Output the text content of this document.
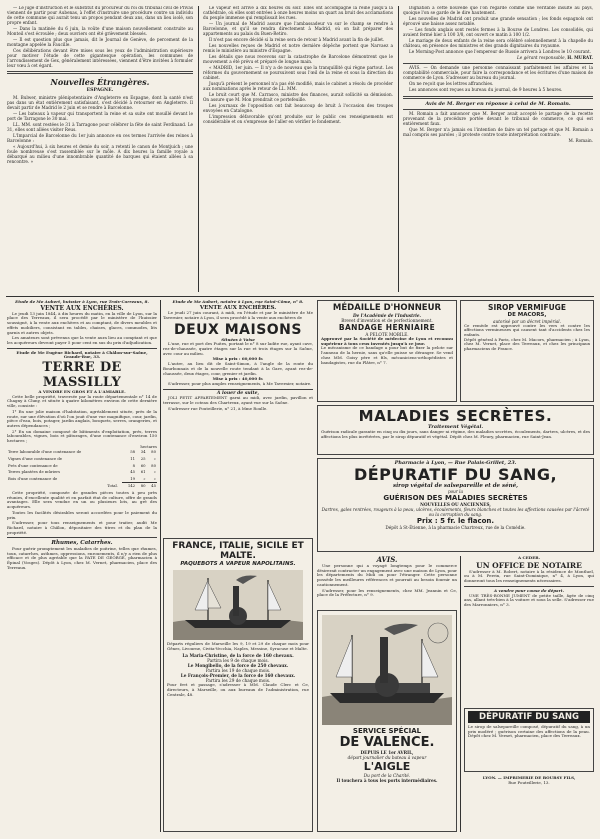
— Le juge d'instruction et le substitut du procureur du roi du tribunal civil de Privas viennent de partir pour Aubenas, à l'effet d'instruire une procédure contre un individu de cette commune qui aurait tenu un propos pendant deux ans, dans un lieu isolé, son propre enfant.

— Dans la matinée du 6 juin, la voûte d'une maison nouvellement construite au Monteil s'est écroulée ; deux ouvriers ont été grièvement blessés.

— Il est question plus que jamais, dit le Journal de Genève, de percement de la montagne appelée la Faucille.

Ces délibérations devant être mises sous les yeux de l'administration supérieure pour motiver l'étude de cette gigantesque opération, les communes de l'arrondissement de Gex, généralement intéressées, viennent d'être invitées à formuler leur vœu à cet égard.

Nouvelles Étrangères.
ESPAGNE.

M. Bulwer, ministre plénipotentiaire d'Angleterre en Espagne, dont la santé n'est pas dans un état entièrement satisfaisant, s'est décidé à retourner en Angleterre. Il devait partir de Madrid le 2 juin et se rendre à Barcelonne.

— Les bateaux à vapeur qui transportent la reine et sa suite ont mouillé devant le port de Tarragone le 30 mai.

LL. MM. sont restées le 31 à Tarragone pour célébrer la fête de saint Ferdinand. Le 31, elles sont allées visiter Reus.

L'Imparcial de Barcelonne du 1er juin annonce en ces termes l'arrivée des reines à Barcelonne :

« Aujourd'hui, à six heures et demie du soir, a retenti le canon de Montjuich ; une foule nombreuse s'est rassemblée sur le môle. A dix heures la famille royale a débarqué au milieu d'une innombrable quantité de barques qui étaient allées à sa rencontre. »

Le vapeur est arrivé à dix heures du soir. Elles ont accompagné la reine jusqu'à la cathédrale, où elles sont entrées à onze heures moins un quart au bruit des acclamations du peuple immense qui remplissait les rues.

— Un journal de Madrid assure que l'ambassadeur va sur le champ se rendre à Barcelonne, et qu'il se rendra directement à Madrid, où on fait préparer des appartements au palais du Buen-Retiro.

Il n'est pas encore décidé si la reine sera de retour à Madrid avant la fin de juillet.

Les nouvelles reçues de Madrid et notre dernière dépêche portent que Narvaez a remis le ministère au ministre d'Espagne.

Les détails que nous recevons sur la catastrophe de Barcelone démontrent que le mouvement a été prévu et préparé de longue main.

« MADRID, 1er juin. — Il n'y a de nouveau que la tranquillité qui règne partout. Les réformes du gouvernement se poursuivent sous l'œil de la reine et sous la direction du cabinet.

Jusqu'à présent le personnel n'a pas été modifié, mais le cabinet a résolu de procéder aux nominations après le retour de LL. MM.

Le bruit court que M. Carrasco, ministre des finances, aurait sollicité sa démission. On assure que M. Mon prendrait ce portefeuille.

Les journaux de l'opposition ont fait beaucoup de bruit à l'occasion des troupes envoyées en Catalogne.

L'impression défavorable qu'ont produite sur le public ces renseignements est considérable et on s'empresse de l'aller en vérifier le fondement.

Dignation à cette nouvelle que l'on regarde comme une véritable insulte au pays, quoique l'on se garde de le dire hautement.

Les nouvelles de Madrid ont produit une grande sensation ; les fonds espagnols ont éprouvé une baisse assez notable.

— Les fonds anglais sont restés fermes à la Bourse de Londres. Les consolidés, qui avaient fermé hier à 100 3/8, ont ouvert ce matin à 100 1/2.

Le mariage de deux enfants de la reine sera célébré solennellement à la chapelle du château, en présence des ministres et des grands dignitaires du royaume.

Le Morning-Post annonce que l'empereur de Russie arrivera à Londres le 10 courant.

Le gérant responsable, H. MURAT.

AVIS. — On demande une personne connaissant parfaitement les affaires et la comptabilité commerciale, pour faire la correspondance et les écritures d'une maison de commerce de Lyon. S'adresser au bureau du journal.

On ne reçoit que les lettres affranchies.

Les annonces sont reçues au bureau du journal, de 9 heures à 5 heures.

Avis de M. Berger en réponse à celui de M. Romain.

M. Romain a fait annoncer que M. Berger avait accepté le partage de la recette provenant de la procédure portée devant le tribunal de commerce, ce qui est entièrement faux.

Que M. Berger n'a jamais eu l'intention de faire un tel partage et que M. Romain a mal compris ses paroles ; il proteste contre toute interprétation contraire.

M. Romain.
Etude de Me Aubert, huissier à Lyon, rue Trois-Carreaux, 8.
VENTE AUX ENCHÈRES.

Le jeudi 13 juin 1844, à dix heures du matin, en la ville de Lyon, sur la place des Terreaux, il sera procédé par le ministère de l'huissier soussigné, à la vente aux enchères et au comptant, de divers meubles et effets mobiliers, consistant en tables, chaises, glaces, commodes, lits garnis et autres objets.

Les amateurs sont prévenus que la vente aura lieu au comptant et que les acquéreurs devront payer 5 pour cent en sus du prix d'adjudication.

Etude de Me Eugène Richard, notaire à Châlon-sur-Saône, Grande-Rue, 33.
TERRE DE MASSILLY
A VENDRE EN GROS ET A L'AMIABLE.

Cette belle propriété, traversée par la route départementale n° 14 de Chagny à Cluny, et située à quatre kilomètres environ de cette dernière ville, consiste :

1° En une jolie maison d'habitation, agréablement située, près de la route, sur une élévation d'où l'on jouit d'une vue magnifique, cour, jardin, pièce d'eau, bois, potager, jardin anglais, bosquets, serres, orangeries, et autres dépendances ;

2° En un domaine composé de bâtiments d'exploitation, prés, terres labourables, vignes, bois et pâturages, d'une contenance d'environ 150 hectares ;

hectares
Terre labourable d'une contenance de	58	34	80
Vignes d'une contenance de	11	25	»
Prés d'une contenance de	8	60	80
Terres plantées de mûriers	45	61	»
Bois d'une contenance de	19	»	»
Total.	142	80	45

Cette propriété, composée de grandes pièces toutes à peu près réunies, d'excellente qualité et en parfait état de culture, offre de grands avantages. Elle sera vendue en un ou plusieurs lots, au gré des acquéreurs.

Toutes les facilités désirables seront accordées pour le paiement du prix.

S'adresser, pour tous renseignements et pour traiter, audit Me Richard, notaire à Châlon, dépositaire des titres et du plan de la propriété.

Rhumes, Catarrhes.

Pour guérir promptement les maladies de poitrine, telles que rhumes, toux, catarrhes, asthmes, oppressions, enrouements, il n'y a rien de plus efficace et de plus agréable que la PATE DE GEORGÉ, pharmacien à Épinal (Vosges). Dépôt à Lyon, chez M. Vernet, pharmacien, place des Terreaux.

Etude de Me Aubert, notaire à Lyon, rue Saint-Côme, n° 8.
VENTE AUX ENCHÈRES.

Le jeudi 27 juin courant, à midi, en l'étude et par le ministère de Me Tavernier, notaire à Lyon, il sera procédé à la vente aux enchères de

DEUX MAISONS
Situées à Vaise

L'une, rue et port des Fuites, portant le n° 8 sur ladite rue, ayant cave, rez-de-chaussée, quatre étages sur la rue et trois étages sur la Saône, avec cour au milieu.

Mise à prix : 60,000 fr.

L'autre, au lieu dit de Saint-Simon, à l'angle de la route du Bourbonnais et de la nouvelle route tendant à la Gare, ayant rez-de-chaussée, deux étages, cour, grenier et jardin.

Mise à prix : 40,000 fr.

S'adresser, pour plus amples renseignements, à Me Tavernier, notaire.

A louer de suite,

JOLI PETIT APPARTEMENT garni au midi, avec jardin, pavillon et terrasse, sur le coteau des Chartreux, ayant vue sur la Saône.

S'adresser rue Pouteillerie, n° 21, à Mme Roulle.

FRANCE, ITALIE, SICILE ET MALTE.
PAQUEBOTS A VAPEUR NAPOLITAINS.
Départs réguliers de Marseille les 9, 19 et 29 de chaque mois pour Gênes, Livourne, Civita-Vecchia, Naples, Messine, Syracuse et Malte.
La Maria-Christine, de la force de 160 chevaux.
Partira les 9 de chaque mois.
Le Mongibello, de la force de 250 chevaux.
Partira les 19 de chaque mois.
Le François-Premier, de la force de 160 chevaux.
Partira les 29 de chaque mois.
Pour fret et passage, s'adresser à MM. Claude Clerc et Ce, directeurs, à Marseille, ou aux bureaux de l'administration, rue Centrale, 48.
MÉDAILLE D'HONNEUR
De l'Académie de l'Industrie.
Brevet d'invention et de perfectionnement.
BANDAGE HERNIAIRE
A PELOTE MOBILE.
Approuvé par la Société de médecine de Lyon et reconnu supérieur à tous ceux inventés jusqu'à ce jour.
Le mécanisme de ce bandage a pour but de fixer la pelote sur l'anneau de la hernie, sans qu'elle puisse se déranger. Se vend chez MM. Goisy père et fils, mécaniciens-orthopédistes et bandagistes, rue du Plâtre, n° 7.
SIROP VERMIFUGE
DE MACORS,
autorisé par un décret impérial.
Ce remède est approuvé contre les vers et contre les affections vermineuses qui causent tant d'accidents chez les enfants.
Dépôt général à Paris, chez M. Macors, pharmacien ; à Lyon, chez M. Vernet, place des Terreaux, et chez les principaux pharmaciens de France.
MALADIES SECRÈTES.
Traitement Végétal.
Guérison radicale garantie en cinq ou dix jours, sans danger ni régime, des maladies secrètes, écoulements, dartres, ulcères, et des affections les plus invétérées, par le sirop dépuratif et végétal. Dépôt chez M. Fleury, pharmacien, rue Saint-Jean.
Pharmacie à Lyon, — Rue Palais-Grillet, 23.
DÉPURATIF DU SANG,
sirop végétal de salsepareille et de séné,
pour la
GUÉRISON DES MALADIES SECRÈTES
NOUVELLES OU ANCIENNES,
Dartres, gales rentrées, rougeurs à la peau, ulcères, écoulements, fleurs blanches et toutes les affections causées par l'âcreté ou la corruption du sang.
Prix : 5 fr. le flacon.
Dépôt à St-Étienne, à la pharmacie Chartreux, rue de la Comédie.
AVIS.

Une personne qui a voyagé longtemps pour le commerce désirerait contracter un engagement avec une maison de Lyon, pour les départements du Midi ou pour l'étranger. Cette personne possède les meilleures références et pourrait au besoin fournir un cautionnement.

S'adresser, pour les renseignements, chez MM. Jeannin et Ce, place de la Préfecture, n° 9.

SERVICE SPÉCIAL
DE VALENCE.
DEPUIS LE 1er AVRIL,
départ journalier du bateau à vapeur
L'AIGLE
Du port de la Charité.
Il touchera à tous les ports intermédiaires.
A CÉDER.
UN OFFICE DE NOTAIRE

S'adresser à M. Robert, notaire à la résidence de Montluel, ou à M. Perrin, rue Saint-Dominique, n° 4, à Lyon, qui donneront tous les renseignements nécessaires.

A vendre pour cause de départ.

UNE TRÈS-BONNE JUMENT de petite taille, âgée de cinq ans, allant très-bien à la voiture et sous la selle. S'adresser rue des Marronniers, n° 3.

DÉPURATIF DU SANG
Le sirop de salsepareille composé, dépuratif du sang, à un prix modéré ; guérison certaine des affections de la peau. Dépôt chez M. Vernet, pharmacien, place des Terreaux.
LYON. — IMPRIMERIE DE BOURSY FILS,
Rue Pouteillerie, 13.
